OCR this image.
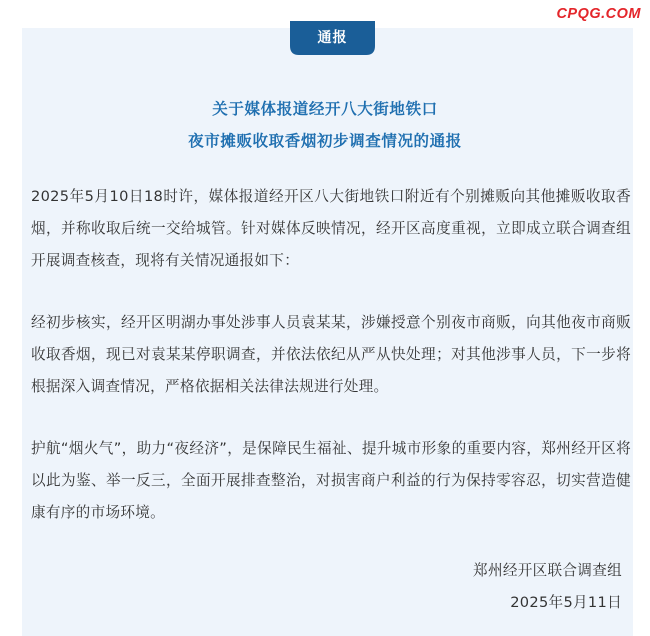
CPQG.COM
通报
关于媒体报道经开八大街地铁口
夜市摊贩收取香烟初步调查情况的通报
2025年5月10日18时许，媒体报道经开区八大街地铁口附近有个别摊贩向其他摊贩收取香烟，并称收取后统一交给城管。针对媒体反映情况，经开区高度重视，立即成立联合调查组开展调查核查，现将有关情况通报如下：
经初步核实，经开区明湖办事处涉事人员袁某某，涉嫌授意个别夜市商贩，向其他夜市商贩收取香烟，现已对袁某某停职调查，并依法依纪从严从快处理；对其他涉事人员，下一步将根据深入调查情况，严格依据相关法律法规进行处理。
护航“烟火气”，助力“夜经济”，是保障民生福祉、提升城市形象的重要内容，郑州经开区将以此为鉴、举一反三，全面开展排查整治，对损害商户利益的行为保持零容忍，切实营造健康有序的市场环境。
郑州经开区联合调查组
2025年5月11日
